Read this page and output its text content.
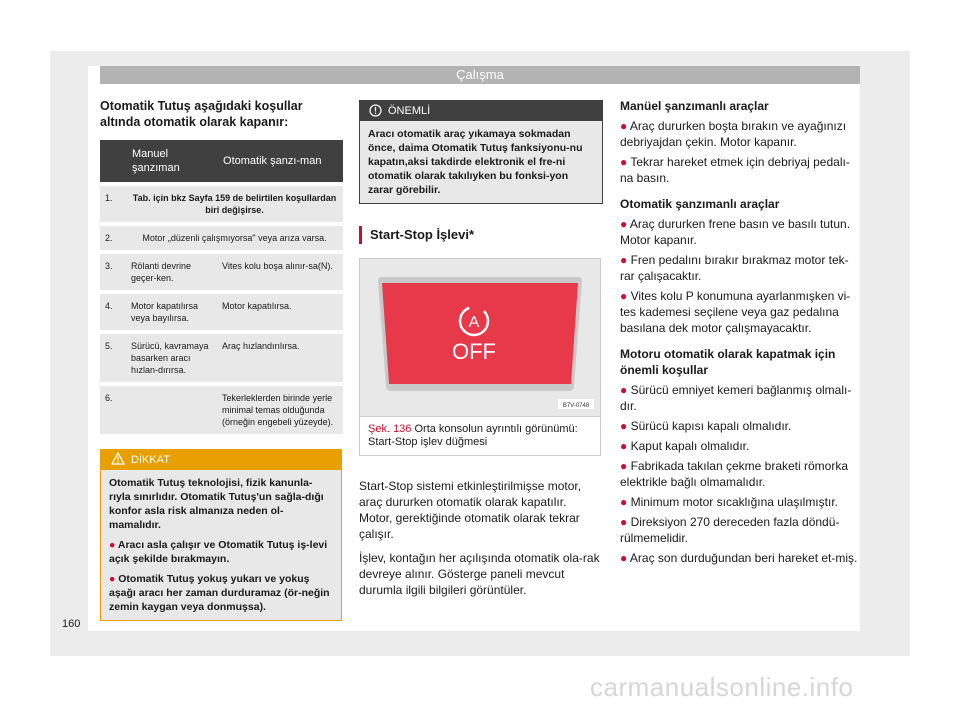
Çalışma

Otomatik Tutuş aşağıdaki koşullar altında otomatik olarak kapanır:

	Manuel şanzıman	Otomatik şanzı-man
1.	Tab. için bkz Sayfa 159 de belirtilen koşullardan biri değişirse.	
2.	Motor „düzenli çalışmıyorsa" veya arıza varsa.	
3.	Rölanti devrine geçer-ken.	Vites kolu boşa alınır-sa(N).
4.	Motor kapatılırsa veya bayılırsa.	Motor kapatılırsa.
5.	Sürücü, kavramaya basarken aracı hızlan-dırırsa.	Araç hızlandırılırsa.
6.		Tekerleklerden birinde yerle minimal temas olduğunda (örneğin engebeli yüzeyde).
DİKKAT

Otomatik Tutuş teknolojisi, fizik kanunla-rıyla sınırlıdır. Otomatik Tutuş'un sağla-dığı konfor asla risk almanıza neden ol-mamalıdır.

● Aracı asla çalışır ve Otomatik Tutuş iş-levi açık şekilde bırakmayın.

● Otomatik Tutuş yokuş yukarı ve yokuş aşağı aracı her zaman durduramaz (ör-neğin zemin kaygan veya donmuşsa).

ÖNEMLİ
Aracı otomatik araç yıkamaya sokmadan önce, daima Otomatik Tutuş fanksiyonu-nu kapatın,aksi takdirde elektronik el fre-ni otomatik olarak takılıyken bu fonksi-yon zarar görebilir.
Start-Stop İşlevi*
A
OFF
B7V-0748
Şek. 136 Orta konsolun ayrıntılı görünümü: Start-Stop işlev düğmesi

Start-Stop sistemi etkinleştirilmişse motor, araç dururken otomatik olarak kapatılır. Motor, gerektiğinde otomatik olarak tekrar çalışır.

İşlev, kontağın her açılışında otomatik ola-rak devreye alınır. Gösterge paneli mevcut durumla ilgili bilgileri görüntüler.

Manüel şanzımanlı araçlar

● Araç dururken boşta bırakın ve ayağınızı debriyajdan çekin. Motor kapanır.

● Tekrar hareket etmek için debriyaj pedalı-na basın.

Otomatik şanzımanlı araçlar

● Araç dururken frene basın ve basılı tutun. Motor kapanır.

● Fren pedalını bırakır bırakmaz motor tek-rar çalışacaktır.

● Vites kolu P konumuna ayarlanmışken vi-tes kademesi seçilene veya gaz pedalına basılana dek motor çalışmayacaktır.

Motoru otomatik olarak kapatmak için önemli koşullar

● Sürücü emniyet kemeri bağlanmış olmalı-dır.

● Sürücü kapısı kapalı olmalıdır.

● Kaput kapalı olmalıdır.

● Fabrikada takılan çekme braketi römorka elektrikle bağlı olmamalıdır.

● Minimum motor sıcaklığına ulaşılmıştır.

● Direksiyon 270 dereceden fazla döndü-rülmemelidir.

● Araç son durduğundan beri hareket et-miş.

160
carmanualsonline.info
